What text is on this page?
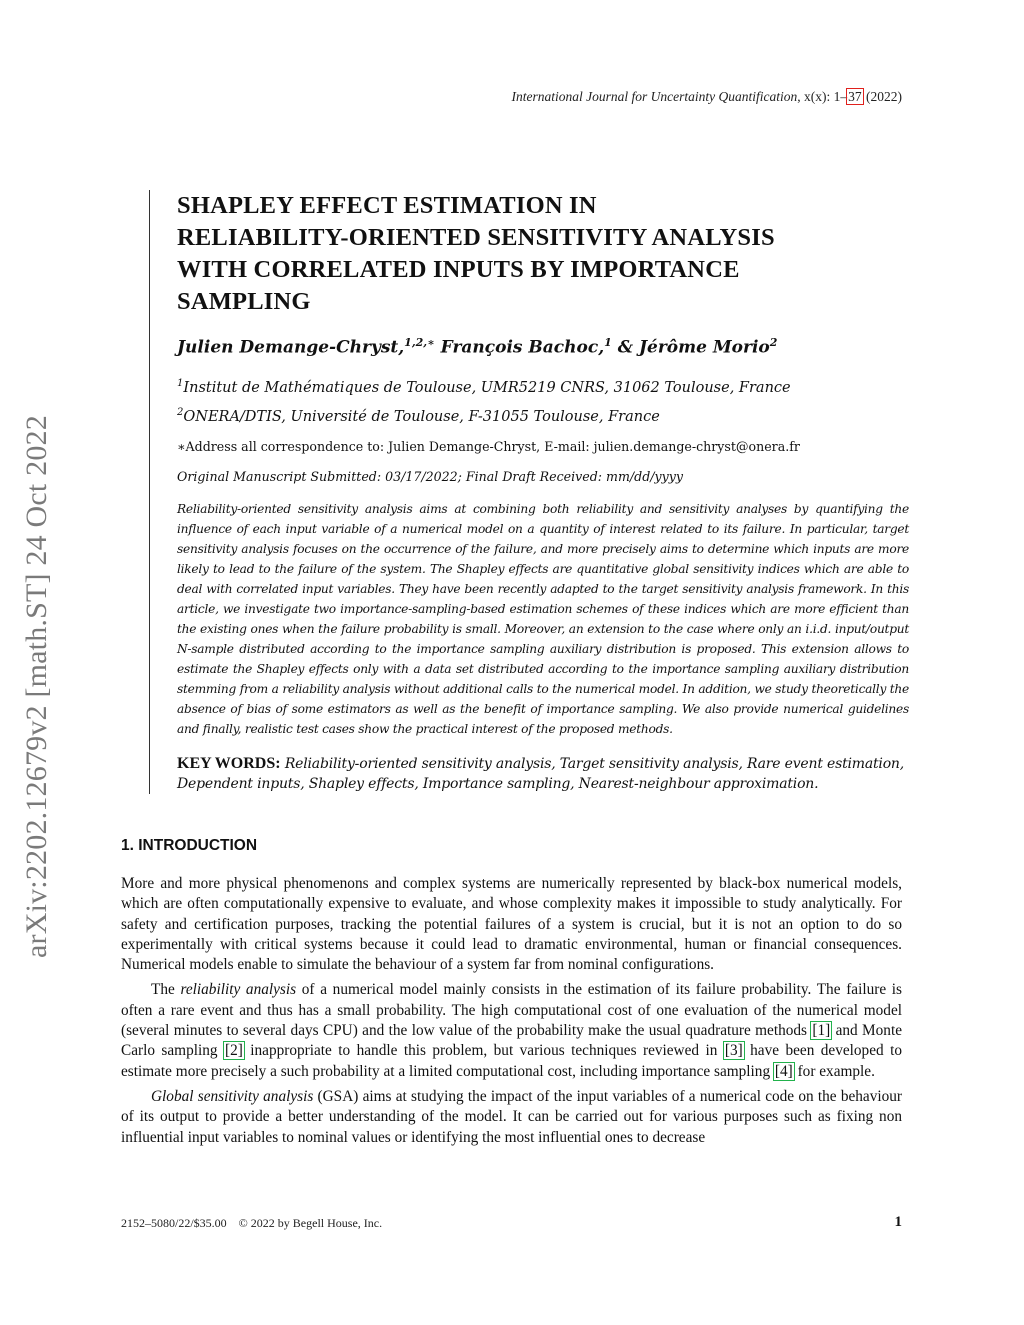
International Journal for Uncertainty Quantification, x(x): 1–37 (2022)
arXiv:2202.12679v2 [math.ST] 24 Oct 2022
SHAPLEY EFFECT ESTIMATION IN
RELIABILITY-ORIENTED SENSITIVITY ANALYSIS
WITH CORRELATED INPUTS BY IMPORTANCE
SAMPLING
Julien Demange-Chryst,$^{1,2,∗}$ François Bachoc,$^1$ & Jérôme Morio$^2$
$^1$Institut de Mathématiques de Toulouse, UMR5219 CNRS, 31062 Toulouse, France
$^2$ONERA/DTIS, Université de Toulouse, F-31055 Toulouse, France
∗Address all correspondence to: Julien Demange-Chryst, E-mail: julien.demange-chryst@onera.fr
Original Manuscript Submitted: 03/17/2022; Final Draft Received: mm/dd/yyyy
Reliability-oriented sensitivity analysis aims at combining both reliability and sensitivity analyses by quantifying the influence of each input variable of a numerical model on a quantity of interest related to its failure. In particular, target sensitivity analysis focuses on the occurrence of the failure, and more precisely aims to determine which inputs are more likely to lead to the failure of the system. The Shapley effects are quantitative global sensitivity indices which are able to deal with correlated input variables. They have been recently adapted to the target sensitivity analysis framework. In this article, we investigate two importance-sampling-based estimation schemes of these indices which are more efficient than the existing ones when the failure probability is small. Moreover, an extension to the case where only an i.i.d. input/output N-sample distributed according to the importance sampling auxiliary distribution is proposed. This extension allows to estimate the Shapley effects only with a data set distributed according to the importance sampling auxiliary distribution stemming from a reliability analysis without additional calls to the numerical model. In addition, we study theoretically the absence of bias of some estimators as well as the benefit of importance sampling. We also provide numerical guidelines and finally, realistic test cases show the practical interest of the proposed methods.
KEY WORDS: Reliability-oriented sensitivity analysis, Target sensitivity analysis, Rare event estimation, Dependent inputs, Shapley effects, Importance sampling, Nearest-neighbour approximation.
1. INTRODUCTION

More and more physical phenomenons and complex systems are numerically represented by black-box numerical models, which are often computationally expensive to evaluate, and whose complexity makes it impossible to study analytically. For safety and certification purposes, tracking the potential failures of a system is crucial, but it is not an option to do so experimentally with critical systems because it could lead to dramatic environmental, human or financial consequences. Numerical models enable to simulate the behaviour of a system far from nominal configurations.

The reliability analysis of a numerical model mainly consists in the estimation of its failure probability. The failure is often a rare event and thus has a small probability. The high computational cost of one evaluation of the numerical model (several minutes to several days CPU) and the low value of the probability make the usual quadrature methods [1] and Monte Carlo sampling [2] inappropriate to handle this problem, but various techniques reviewed in [3] have been developed to estimate more precisely a such probability at a limited computational cost, including importance sampling [4] for example.

Global sensitivity analysis (GSA) aims at studying the impact of the input variables of a numerical code on the behaviour of its output to provide a better understanding of the model. It can be carried out for various purposes such as fixing non influential input variables to nominal values or identifying the most influential ones to decrease

2152–5080/22/$35.00 © 2022 by Begell House, Inc.	1
